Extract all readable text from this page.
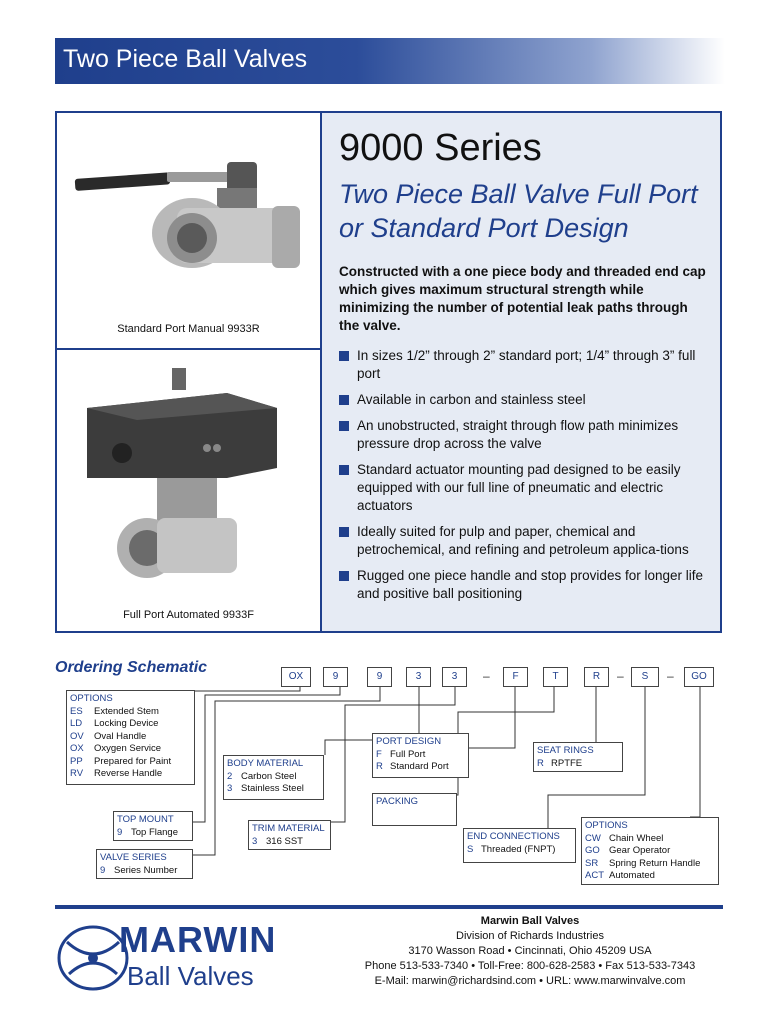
Two Piece Ball Valves
Standard Port Manual 9933R
Full Port Automated 9933F
9000 Series
Two Piece Ball Valve Full Port or Standard Port Design
Constructed with a one piece body and threaded end cap which gives maximum structural strength while minimizing the number of potential leak paths through the valve.
In sizes 1/2” through 2” standard port; 1/4” through 3” full port
Available in carbon and stainless steel
An unobstructed, straight through flow path minimizes pressure drop across the valve
Standard actuator mounting pad designed to be easily equipped with our full line of pneumatic and electric actuators
Ideally suited for pulp and paper, chemical and petrochemical, and refining and petroleum applica-tions
Rugged one piece handle and stop provides for longer life and positive ball positioning
Ordering Schematic
OX	9	9	3	3	–	F	T	R	–	S	–	GO
OPTIONS
ES	Extended Stem
LD	Locking Device
OV	Oval Handle
OX	Oxygen Service
PP	Prepared for Paint
RV	Reverse Handle
BODY MATERIAL
2 Carbon Steel
3 Stainless Steel
TOP MOUNT
9 Top Flange	TRIM MATERIAL
3 316 SST
VALVE SERIES
9 Series Number
PORT DESIGN
F Full Port
R Standard Port
SEAT RINGS
R RPTFE
PACKING
END CONNECTIONS
S Threaded (FNPT)
OPTIONS
CW Chain Wheel
GO Gear Operator
SR	Spring Return Handle
ACT Automated
MARWIN
Ball Valves
Marwin Ball Valves
Division of Richards Industries
3170 Wasson Road • Cincinnati, Ohio 45209 USA
Phone 513-533-7340 • Toll-Free: 800-628-2583 • Fax 513-533-7343
E-Mail: marwin@richardsind.com • URL: www.marwinvalve.com
